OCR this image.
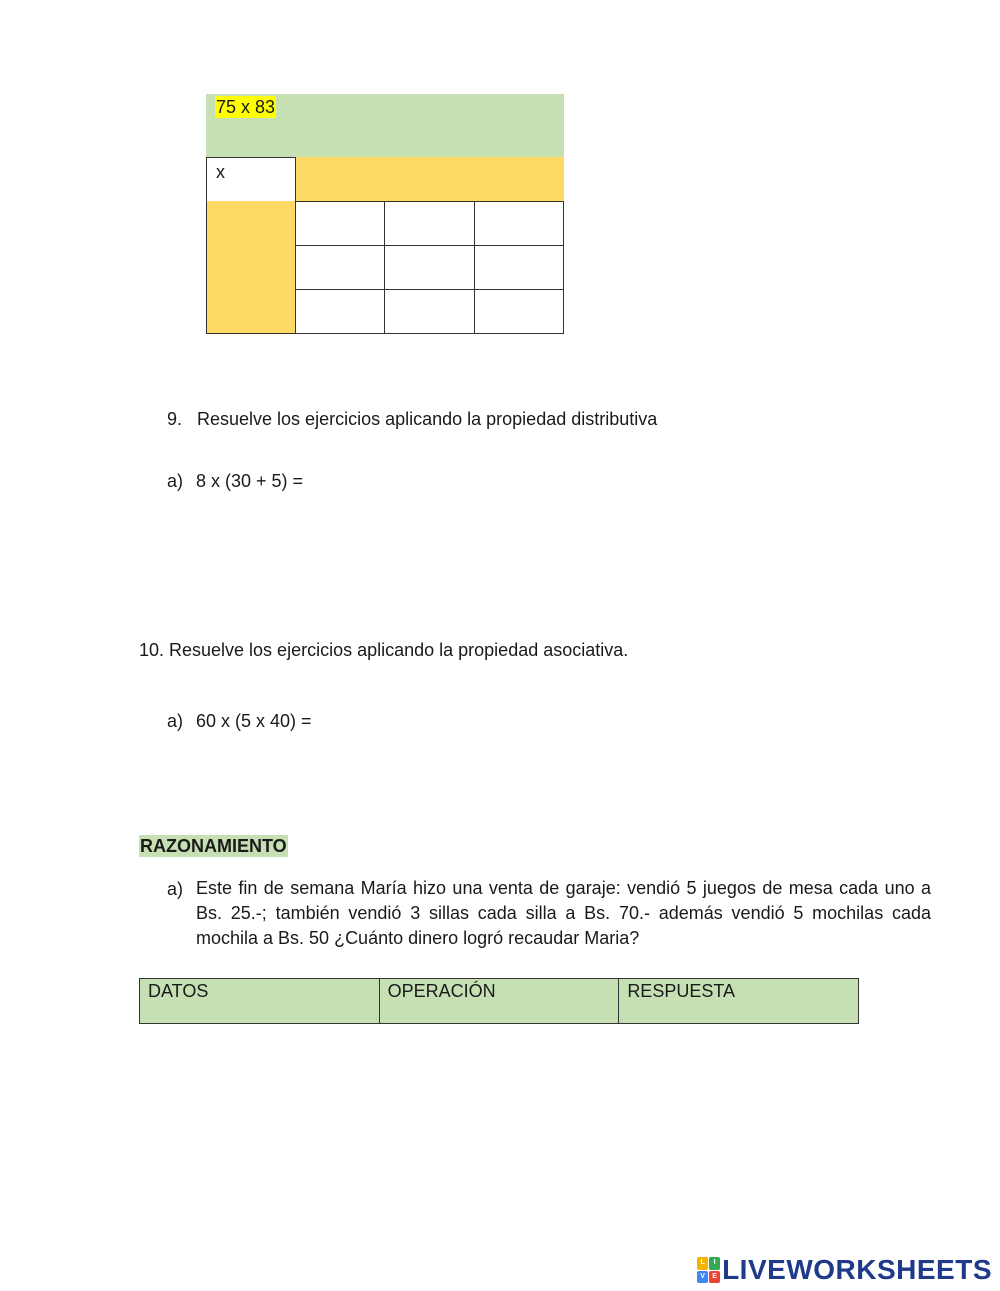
75 x 83
x
9. Resuelve los ejercicios aplicando la propiedad distributiva
a) 8 x (30 + 5) =
10. Resuelve los ejercicios aplicando la propiedad asociativa.
a) 60 x (5 x 40) =
RAZONAMIENTO
a) Este fin de semana María hizo una venta de garaje: vendió 5 juegos de mesa cada uno a Bs. 25.-; también vendió 3 sillas cada silla a Bs. 70.- además vendió 5 mochilas cada mochila a Bs. 50 ¿Cuánto dinero logró recaudar Maria?
DATOS	OPERACIÓN	RESPUESTA
L	I
V	E LIVEWORKSHEETS
